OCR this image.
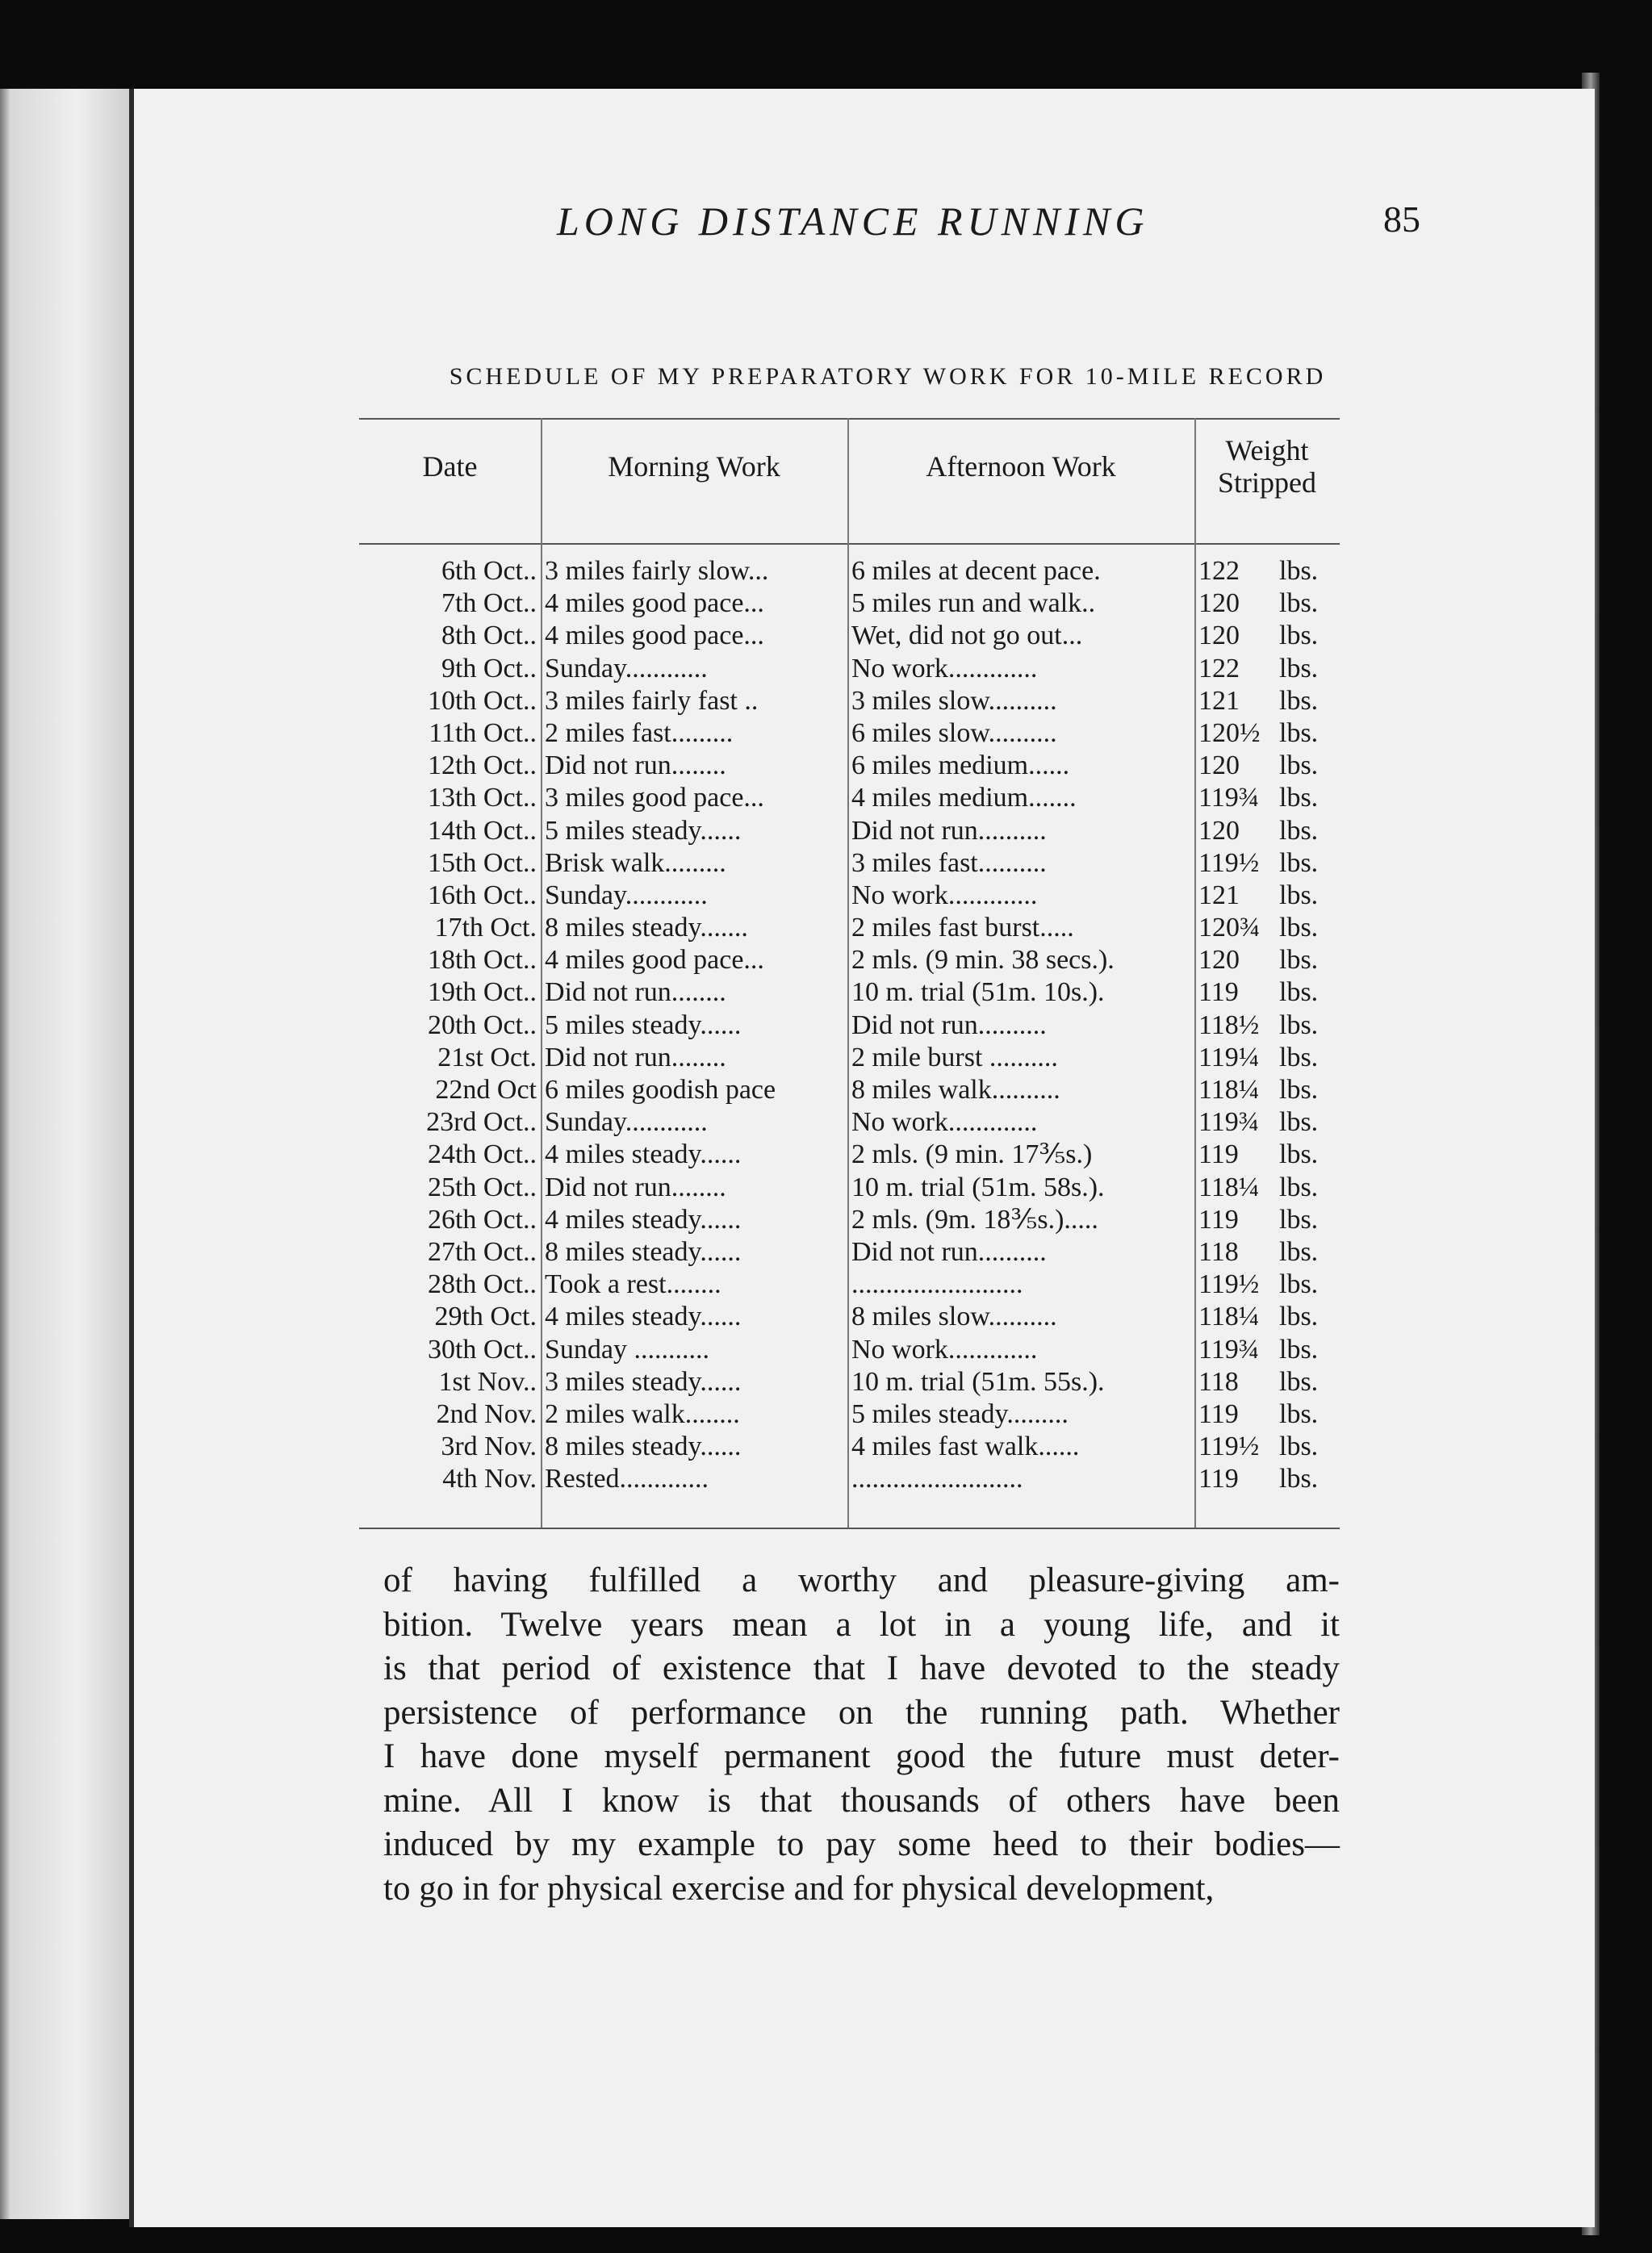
LONG DISTANCE RUNNING	85
SCHEDULE OF MY PREPARATORY WORK FOR 10-MILE RECORD
Date	Morning Work	Afternoon Work	Weight
Stripped
6th Oct.. 3 miles fairly slow...	6 miles at decent pace.	122	lbs.
7th Oct.. 4 miles good pace...	5 miles run and walk..	120	lbs.
8th Oct.. 4 miles good pace...	Wet, did not go out...	120	lbs.
9th Oct.. Sunday............	No work.............	122	lbs.
10th Oct.. 3 miles fairly fast ..	3 miles slow..........	121	lbs.
11th Oct.. 2 miles fast.........	6 miles slow..........	120½ lbs.
12th Oct.. Did not run........	6 miles medium......	120	lbs.
13th Oct.. 3 miles good pace...	4 miles medium.......	119¾ lbs.
14th Oct.. 5 miles steady......	Did not run..........	120	lbs.
15th Oct.. Brisk walk.........	3 miles fast..........	119½ lbs.
16th Oct.. Sunday............	No work.............	121	lbs.
17th Oct. 8 miles steady.......	2 miles fast burst.....	120¾ lbs.
18th Oct.. 4 miles good pace...	2 mls. (9 min. 38 secs.).	120	lbs.
19th Oct.. Did not run........	10 m. trial (51m. 10s.).	119	lbs.
20th Oct.. 5 miles steady......	Did not run..........	118½ lbs.
21st Oct. Did not run........	2 mile burst ..........	119¼ lbs.
22nd Oct 6 miles goodish pace	8 miles walk..........	118¼ lbs.
23rd Oct.. Sunday............	No work.............	119¾ lbs.
24th Oct.. 4 miles steady......	2 mls. (9 min. 17⅗s.)	119	lbs.
25th Oct.. Did not run........	10 m. trial (51m. 58s.).	118¼ lbs.
26th Oct.. 4 miles steady......	2 mls. (9m. 18⅗s.).....	119	lbs.
27th Oct.. 8 miles steady......	Did not run..........	118	lbs.
28th Oct.. Took a rest........	.........................	119½ lbs.
29th Oct. 4 miles steady......	8 miles slow..........	118¼ lbs.
30th Oct.. Sunday ...........	No work.............	119¾ lbs.
1st Nov.. 3 miles steady......	10 m. trial (51m. 55s.).	118	lbs.
2nd Nov. 2 miles walk........	5 miles steady.........	119	lbs.
3rd Nov. 8 miles steady......	4 miles fast walk......	119½ lbs.
4th Nov. Rested.............	.........................	119	lbs.
of having fulfilled a worthy and pleasure-giving am-
bition. Twelve years mean a lot in a young life, and it
is that period of existence that I have devoted to the steady
persistence of performance on the running path. Whether
I have done myself permanent good the future must deter-
mine. All I know is that thousands of others have been
induced by my example to pay some heed to their bodies—
to go in for physical exercise and for physical development,
